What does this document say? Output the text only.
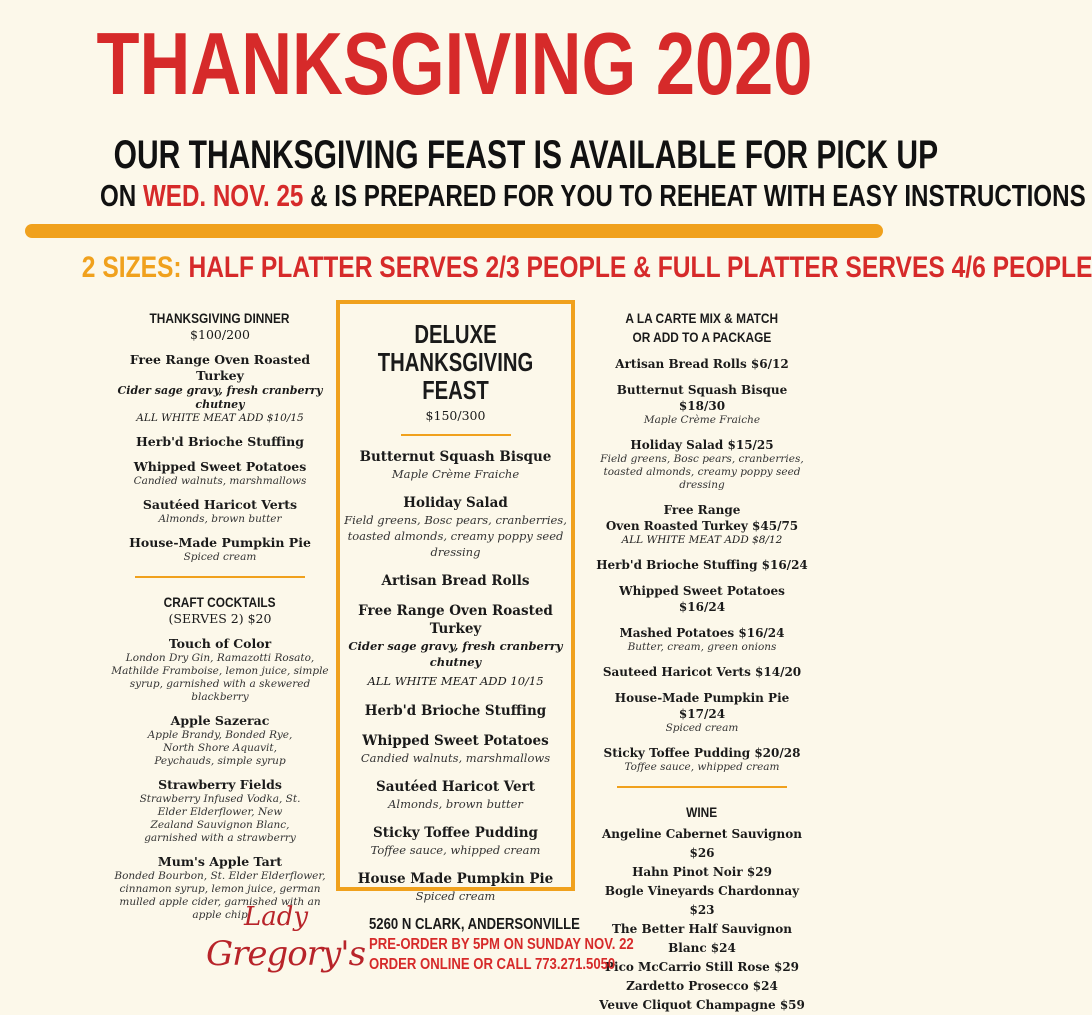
THANKSGIVING 2020
OUR THANKSGIVING FEAST IS AVAILABLE FOR PICK UP
ON WED. NOV. 25 & IS PREPARED FOR YOU TO REHEAT WITH EASY INSTRUCTIONS
2 SIZES: HALF PLATTER SERVES 2/3 PEOPLE & FULL PLATTER SERVES 4/6 PEOPLE
THANKSGIVING DINNER
$100/200
Free Range Oven Roasted Turkey
Cider sage gravy, fresh cranberry chutney
ALL WHITE MEAT ADD $10/15
Herb'd Brioche Stuffing
Whipped Sweet Potatoes
Candied walnuts, marshmallows
Sautéed Haricot Verts
Almonds, brown butter
House-Made Pumpkin Pie
Spiced cream
CRAFT COCKTAILS
(SERVES 2) $20
Touch of Color
London Dry Gin, Ramazotti Rosato, Mathilde Framboise, lemon juice, simple syrup, garnished with a skewered blackberry
Apple Sazerac
Apple Brandy, Bonded Rye, North Shore Aquavit, Peychauds, simple syrup
Strawberry Fields
Strawberry Infused Vodka, St. Elder Elderflower, New Zealand Sauvignon Blanc, garnished with a strawberry
Mum's Apple Tart
Bonded Bourbon, St. Elder Elderflower, cinnamon syrup, lemon juice, german mulled apple cider, garnished with an apple chip
DELUXE
THANKSGIVING
FEAST
$150/300
Butternut Squash Bisque
Maple Crème Fraiche
Holiday Salad
Field greens, Bosc pears, cranberries, toasted almonds, creamy poppy seed dressing
Artisan Bread Rolls
Free Range Oven Roasted Turkey
Cider sage gravy, fresh cranberry chutney
ALL WHITE MEAT ADD 10/15
Herb'd Brioche Stuffing
Whipped Sweet Potatoes
Candied walnuts, marshmallows
Sautéed Haricot Vert
Almonds, brown butter
Sticky Toffee Pudding
Toffee sauce, whipped cream
House Made Pumpkin Pie
Spiced cream
A LA CARTE MIX & MATCH
OR ADD TO A PACKAGE
Artisan Bread Rolls $6/12
Butternut Squash Bisque $18/30
Maple Crème Fraiche
Holiday Salad $15/25
Field greens, Bosc pears, cranberries, toasted almonds, creamy poppy seed dressing
Free Range
Oven Roasted Turkey $45/75
ALL WHITE MEAT ADD $8/12
Herb'd Brioche Stuffing $16/24
Whipped Sweet Potatoes $16/24
Mashed Potatoes $16/24
Butter, cream, green onions
Sauteed Haricot Verts $14/20
House-Made Pumpkin Pie $17/24
Spiced cream
Sticky Toffee Pudding $20/28
Toffee sauce, whipped cream
WINE
Angeline Cabernet Sauvignon $26
Hahn Pinot Noir $29
Bogle Vineyards Chardonnay $23
The Better Half Sauvignon Blanc $24
Pico McCarrio Still Rose $29
Zardetto Prosecco $24
Veuve Cliquot Champagne $59
Lady
Gregory's
5260 N CLARK, ANDERSONVILLE
PRE-ORDER BY 5PM ON SUNDAY NOV. 22
ORDER ONLINE OR CALL 773.271.5050
